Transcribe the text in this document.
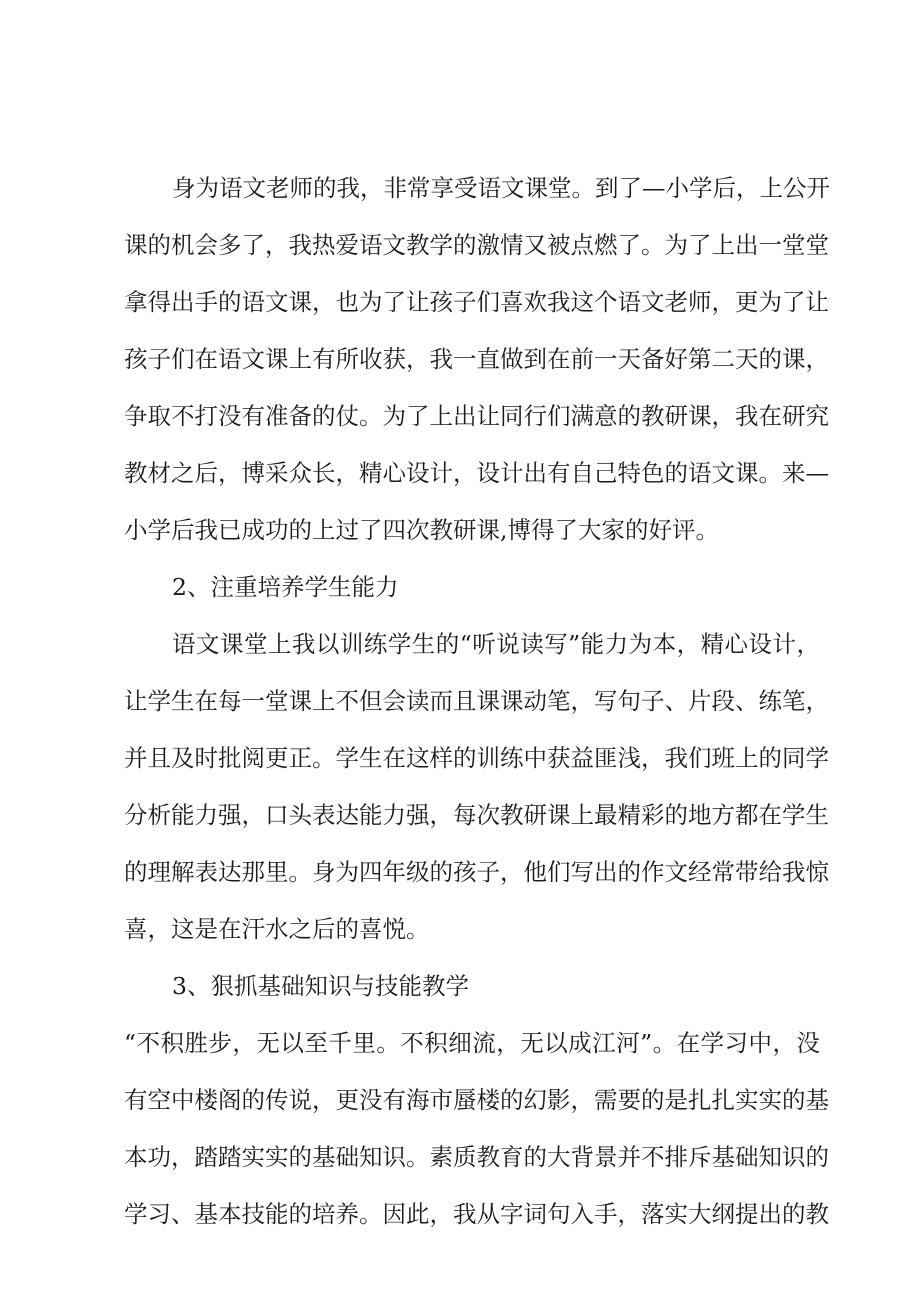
身为语文老师的我，非常享受语文课堂。到了—小学后，上公开
课的机会多了，我热爱语文教学的激情又被点燃了。为了上出一堂堂
拿得出手的语文课，也为了让孩子们喜欢我这个语文老师，更为了让
孩子们在语文课上有所收获，我一直做到在前一天备好第二天的课，
争取不打没有准备的仗。为了上出让同行们满意的教研课，我在研究
教材之后，博采众长，精心设计，设计出有自己特色的语文课。来—
小学后我已成功的上过了四次教研课,博得了大家的好评。
2、注重培养学生能力
语文课堂上我以训练学生的“听说读写”能力为本，精心设计，
让学生在每一堂课上不但会读而且课课动笔，写句子、片段、练笔，
并且及时批阅更正。学生在这样的训练中获益匪浅，我们班上的同学
分析能力强，口头表达能力强，每次教研课上最精彩的地方都在学生
的理解表达那里。身为四年级的孩子，他们写出的作文经常带给我惊
喜，这是在汗水之后的喜悦。
3、狠抓基础知识与技能教学
“不积胜步，无以至千里。不积细流，无以成江河”。在学习中，没
有空中楼阁的传说，更没有海市蜃楼的幻影，需要的是扎扎实实的基
本功，踏踏实实的基础知识。素质教育的大背景并不排斥基础知识的
学习、基本技能的培养。因此，我从字词句入手，落实大纲提出的教
